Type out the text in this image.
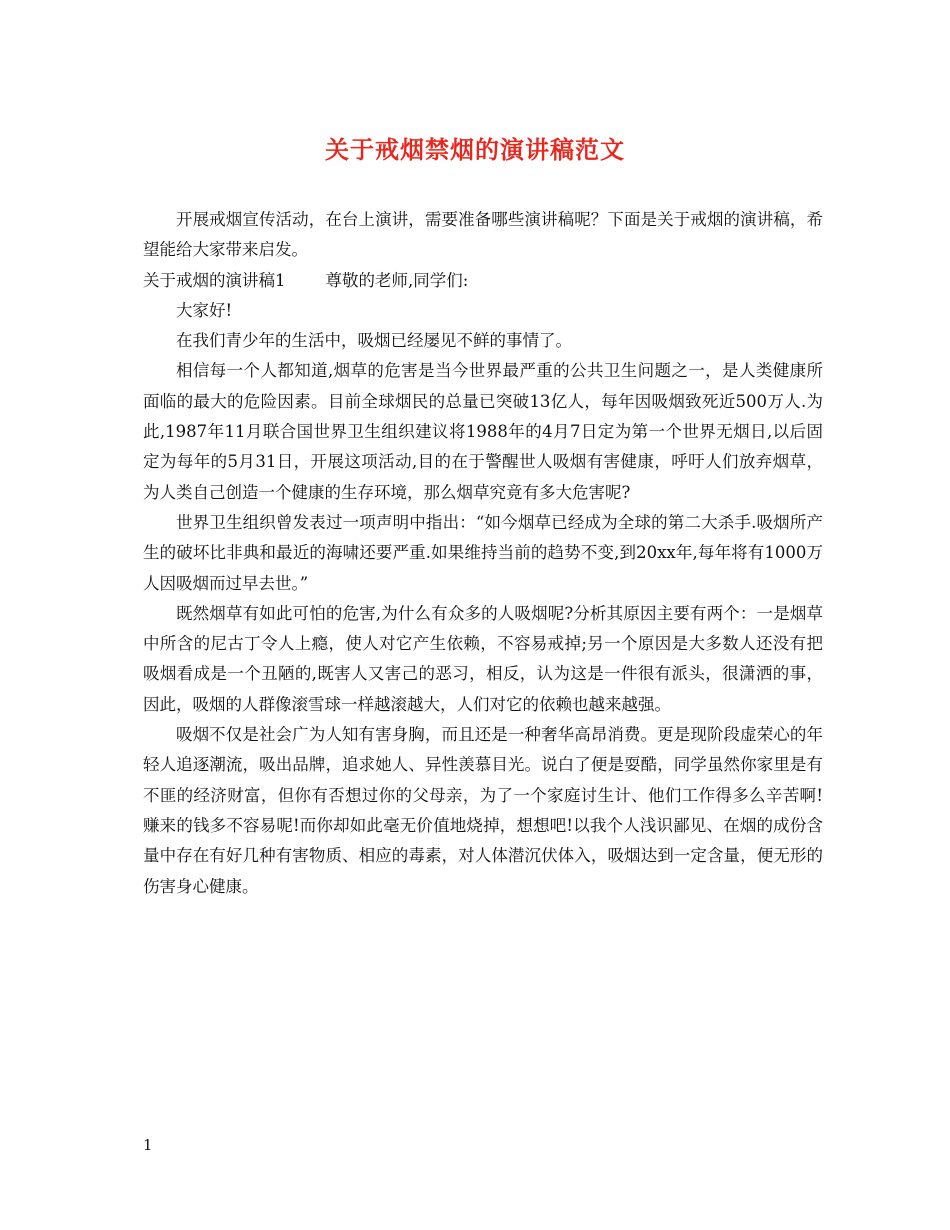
关于戒烟禁烟的演讲稿范文

开展戒烟宣传活动，在台上演讲，需要准备哪些演讲稿呢？下面是关于戒烟的演讲稿，希望能给大家带来启发。

关于戒烟的演讲稿1 尊敬的老师,同学们:

大家好!

在我们青少年的生活中，吸烟已经屡见不鲜的事情了。

相信每一个人都知道,烟草的危害是当今世界最严重的公共卫生问题之一，是人类健康所面临的最大的危险因素。目前全球烟民的总量已突破13亿人，每年因吸烟致死近500万人.为此,1987年11月联合国世界卫生组织建议将1988年的4月7日定为第一个世界无烟日,以后固定为每年的5月31日，开展这项活动,目的在于警醒世人吸烟有害健康，呼吁人们放弃烟草，为人类自己创造一个健康的生存环境，那么烟草究竟有多大危害呢?

世界卫生组织曾发表过一项声明中指出：“如今烟草已经成为全球的第二大杀手.吸烟所产生的破坏比非典和最近的海啸还要严重.如果维持当前的趋势不变,到20xx年,每年将有1000万人因吸烟而过早去世。”

既然烟草有如此可怕的危害,为什么有众多的人吸烟呢?分析其原因主要有两个：一是烟草中所含的尼古丁令人上瘾，使人对它产生依赖，不容易戒掉;另一个原因是大多数人还没有把吸烟看成是一个丑陋的,既害人又害己的恶习，相反，认为这是一件很有派头，很潇洒的事，因此，吸烟的人群像滚雪球一样越滚越大，人们对它的依赖也越来越强。

吸烟不仅是社会广为人知有害身胸，而且还是一种奢华高昂消费。更是现阶段虚荣心的年轻人追逐潮流，吸出品牌，追求她人、异性羡慕目光。说白了便是耍酷，同学虽然你家里是有不匪的经济财富，但你有否想过你的父母亲，为了一个家庭讨生计、他们工作得多么辛苦啊!赚来的钱多不容易呢!而你却如此毫无价值地烧掉，想想吧!以我个人浅识鄙见、在烟的成份含量中存在有好几种有害物质、相应的毒素，对人体潜沉伏体入，吸烟达到一定含量，便无形的伤害身心健康。

1
